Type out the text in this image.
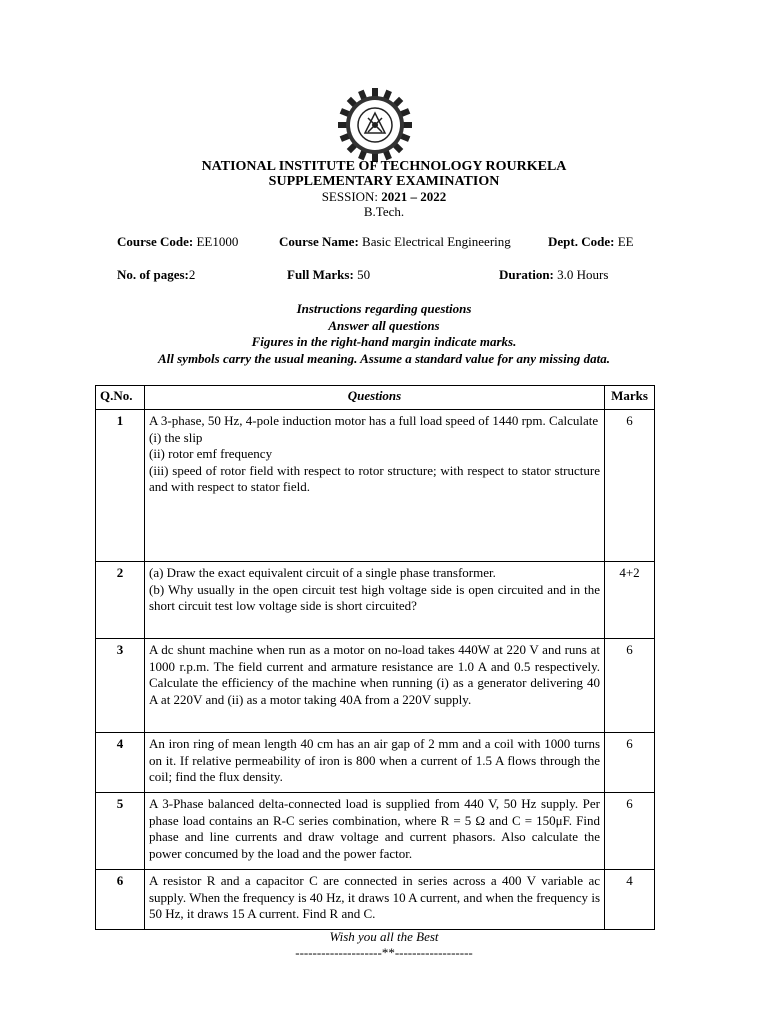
NATIONAL INSTITUTE OF TECHNOLOGY ROURKELA
SUPPLEMENTARY EXAMINATION
SESSION: 2021 – 2022
B.Tech.
Course Code: EE1000	Course Name: Basic Electrical Engineering	Dept. Code: EE
No. of pages:2	Full Marks: 50	Duration: 3.0 Hours
Instructions regarding questions
Answer all questions
Figures in the right-hand margin indicate marks.
All symbols carry the usual meaning. Assume a standard value for any missing data.
Q.No.	Questions	Marks
1	A 3-phase, 50 Hz, 4-pole induction motor has a full load speed of 1440 rpm. Calculate
(i) the slip
(ii) rotor emf frequency
(iii) speed of rotor field with respect to rotor structure; with respect to stator structure and with respect to stator field.	6
2	(a) Draw the exact equivalent circuit of a single phase transformer.
(b) Why usually in the open circuit test high voltage side is open circuited and in the short circuit test low voltage side is short circuited?	4+2
3	A dc shunt machine when run as a motor on no-load takes 440W at 220 V and runs at 1000 r.p.m. The field current and armature resistance are 1.0 A and 0.5 respectively. Calculate the efficiency of the machine when running (i) as a generator delivering 40 A at 220V and (ii) as a motor taking 40A from a 220V supply.	6
4	An iron ring of mean length 40 cm has an air gap of 2 mm and a coil with 1000 turns on it. If relative permeability of iron is 800 when a current of 1.5 A flows through the coil; find the flux density.	6
5	A 3-Phase balanced delta-connected load is supplied from 440 V, 50 Hz supply. Per phase load contains an R-C series combination, where R = 5 Ω and C = 150μF. Find phase and line currents and draw voltage and current phasors. Also calculate the power concumed by the load and the power factor.	6
6	A resistor R and a capacitor C are connected in series across a 400 V variable ac supply. When the frequency is 40 Hz, it draws 10 A current, and when the frequency is 50 Hz, it draws 15 A current. Find R and C.	4
Wish you all the Best
--------------------**------------------
